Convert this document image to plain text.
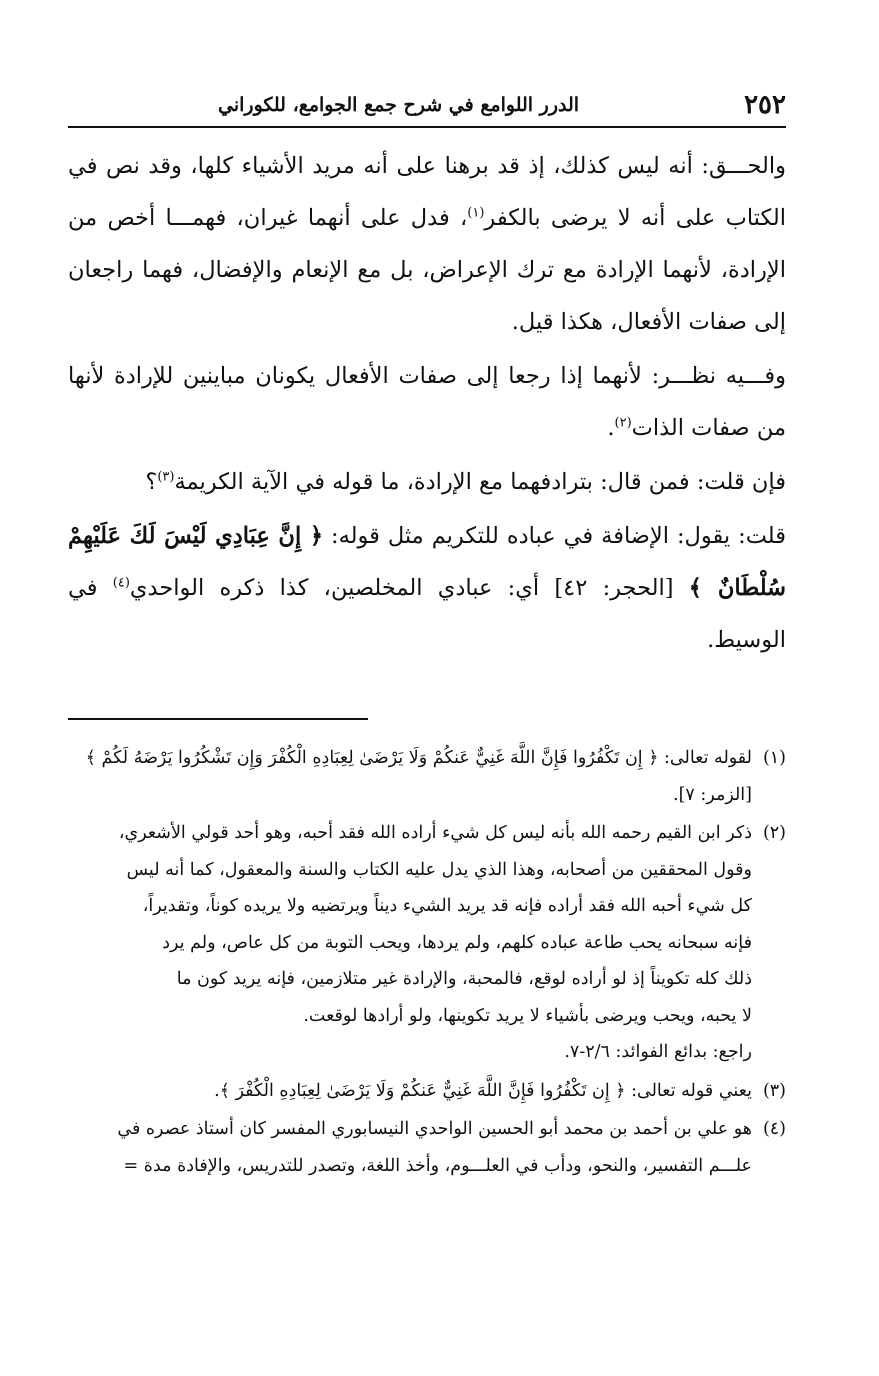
٢٥٢
الدرر اللوامع في شرح جمع الجوامع، للكوراني

والحـــق: أنه ليس كذلك، إذ قد برهنا على أنه مريد الأشياء كلها، وقد نص في الكتاب على أنه لا يرضى بالكفر$^{(١)}$، فدل على أنهما غيران، فهمـــا أخص من الإرادة، لأنهما الإرادة مع ترك الإعراض، بل مع الإنعام والإفضال، فهما راجعان إلى صفات الأفعال، هكذا قيل.

وفـــيه نظـــر: لأنهما إذا رجعا إلى صفات الأفعال يكونان مباينين للإرادة لأنها من صفات الذات$^{(٢)}$.

فإن قلت: فمن قال: بترادفهما مع الإرادة، ما قوله في الآية الكريمة$^{(٣)}$؟

قلت: يقول: الإضافة في عباده للتكريم مثل قوله: ﴿ إِنَّ عِبَادِي لَيْسَ لَكَ عَلَيْهِمْ سُلْطَانٌ ﴾ [الحجر: ٤٢] أي: عبادي المخلصين، كذا ذكره الواحدي$^{(٤)}$ في الوسيط.

(١)
لقوله تعالى: ﴿ إِن تَكْفُرُوا فَإِنَّ اللَّهَ غَنِيٌّ عَنكُمْ وَلَا يَرْضَىٰ لِعِبَادِهِ الْكُفْرَ وَإِن تَشْكُرُوا يَرْضَهُ لَكُمْ ﴾
[الزمر: ٧].
(٢)
ذكر ابن القيم رحمه الله بأنه ليس كل شيء أراده الله فقد أحبه، وهو أحد قولي الأشعري،
وقول المحققين من أصحابه، وهذا الذي يدل عليه الكتاب والسنة والمعقول، كما أنه ليس
كل شيء أحبه الله فقد أراده فإنه قد يريد الشيء ديناً ويرتضيه ولا يريده كوناً، وتقديراً،
فإنه سبحانه يحب طاعة عباده كلهم، ولم يردها، ويحب التوبة من كل عاص، ولم يرد
ذلك كله تكويناً إذ لو أراده لوقع، فالمحبة، والإرادة غير متلازمين، فإنه يريد كون ما
لا يحبه، ويحب ويرضى بأشياء لا يريد تكوينها، ولو أرادها لوقعت.
راجع: بدائع الفوائد: ٢/٦-٧.
(٣)
يعني قوله تعالى: ﴿ إِن تَكْفُرُوا فَإِنَّ اللَّهَ غَنِيٌّ عَنكُمْ وَلَا يَرْضَىٰ لِعِبَادِهِ الْكُفْرَ ﴾.
(٤)
هو علي بن أحمد بن محمد أبو الحسين الواحدي النيسابوري المفسر كان أستاذ عصره في
علـــم التفسير، والنحو، ودأب في العلـــوم، وأخذ اللغة، وتصدر للتدريس، والإفادة مدة =
